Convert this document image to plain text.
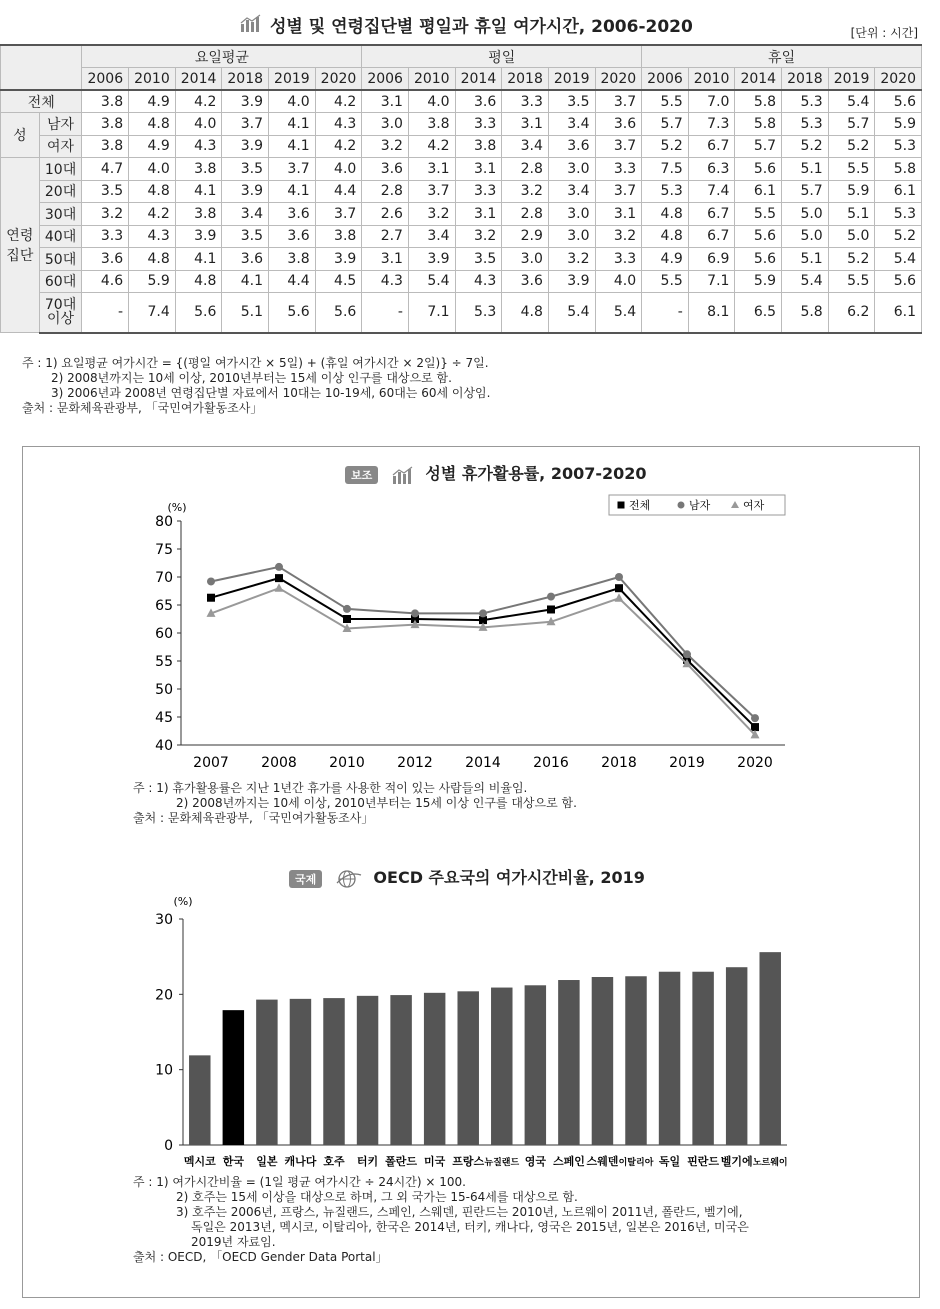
성별 및 연령집단별 평일과 휴일 여가시간, 2006-2020	[단위 : 시간]
		요일평균						평일						휴일					
		2006	2010	2014	2018	2019	2020	2006	2010	2014	2018	2019	2020	2006	2010	2014	2018	2019	2020
전체		3.8	4.9	4.2	3.9	4.0	4.2	3.1	4.0	3.6	3.3	3.5	3.7	5.5	7.0	5.8	5.3	5.4	5.6
성	남자	3.8	4.8	4.0	3.7	4.1	4.3	3.0	3.8	3.3	3.1	3.4	3.6	5.7	7.3	5.8	5.3	5.7	5.9
	여자	3.8	4.9	4.3	3.9	4.1	4.2	3.2	4.2	3.8	3.4	3.6	3.7	5.2	6.7	5.7	5.2	5.2	5.3
연령집단	10대	4.7	4.0	3.8	3.5	3.7	4.0	3.6	3.1	3.1	2.8	3.0	3.3	7.5	6.3	5.6	5.1	5.5	5.8
	20대	3.5	4.8	4.1	3.9	4.1	4.4	2.8	3.7	3.3	3.2	3.4	3.7	5.3	7.4	6.1	5.7	5.9	6.1
	30대	3.2	4.2	3.8	3.4	3.6	3.7	2.6	3.2	3.1	2.8	3.0	3.1	4.8	6.7	5.5	5.0	5.1	5.3
	40대	3.3	4.3	3.9	3.5	3.6	3.8	2.7	3.4	3.2	2.9	3.0	3.2	4.8	6.7	5.6	5.0	5.0	5.2
	50대	3.6	4.8	4.1	3.6	3.8	3.9	3.1	3.9	3.5	3.0	3.2	3.3	4.9	6.9	5.6	5.1	5.2	5.4
	60대	4.6	5.9	4.8	4.1	4.4	4.5	4.3	5.4	4.3	3.6	3.9	4.0	5.5	7.1	5.9	5.4	5.5	5.6
	70대 이상	-	7.4	5.6	5.1	5.6	5.6	-	7.1	5.3	4.8	5.4	5.4	-	8.1	6.5	5.8	6.2	6.1
주 : 1) 요일평균 여가시간 = {(평일 여가시간 × 5일) + (휴일 여가시간 × 2일)} ÷ 7일.
2) 2008년까지는 10세 이상, 2010년부터는 15세 이상 인구를 대상으로 함.
3) 2006년과 2008년 연령집단별 자료에서 10대는 10-19세, 60대는 60세 이상임.
출처 : 문화체육관광부, 「국민여가활동조사」
보조	성별 휴가활용률, 2007-2020
(%)
40
45
50
55
60
65
70
75
80
2007 2008 2010 2012 2014 2016 2018 2019 2020
전체	남자	여자
주 : 1) 휴가활용률은 지난 1년간 휴가를 사용한 적이 있는 사람들의 비율임.
2) 2008년까지는 10세 이상, 2010년부터는 15세 이상 인구를 대상으로 함.
출처 : 문화체육관광부, 「국민여가활동조사」
국제	OECD 주요국의 여가시간비율, 2019
(%)
0
10
20
30
멕시코 한국 일본 캐나다 호주 터키 폴란드 미국 프랑스 뉴질랜드 영국 스페인 스웨덴 이탈리아 독일 핀란드 벨기에 노르웨이
주 : 1) 여가시간비율 = (1일 평균 여가시간 ÷ 24시간) × 100.
2) 호주는 15세 이상을 대상으로 하며, 그 외 국가는 15-64세를 대상으로 함.
3) 호주는 2006년, 프랑스, 뉴질랜드, 스페인, 스웨덴, 핀란드는 2010년, 노르웨이 2011년, 폴란드, 벨기에,
독일은 2013년, 멕시코, 이탈리아, 한국은 2014년, 터키, 캐나다, 영국은 2015년, 일본은 2016년, 미국은
2019년 자료임.
출처 : OECD, 「OECD Gender Data Portal」
